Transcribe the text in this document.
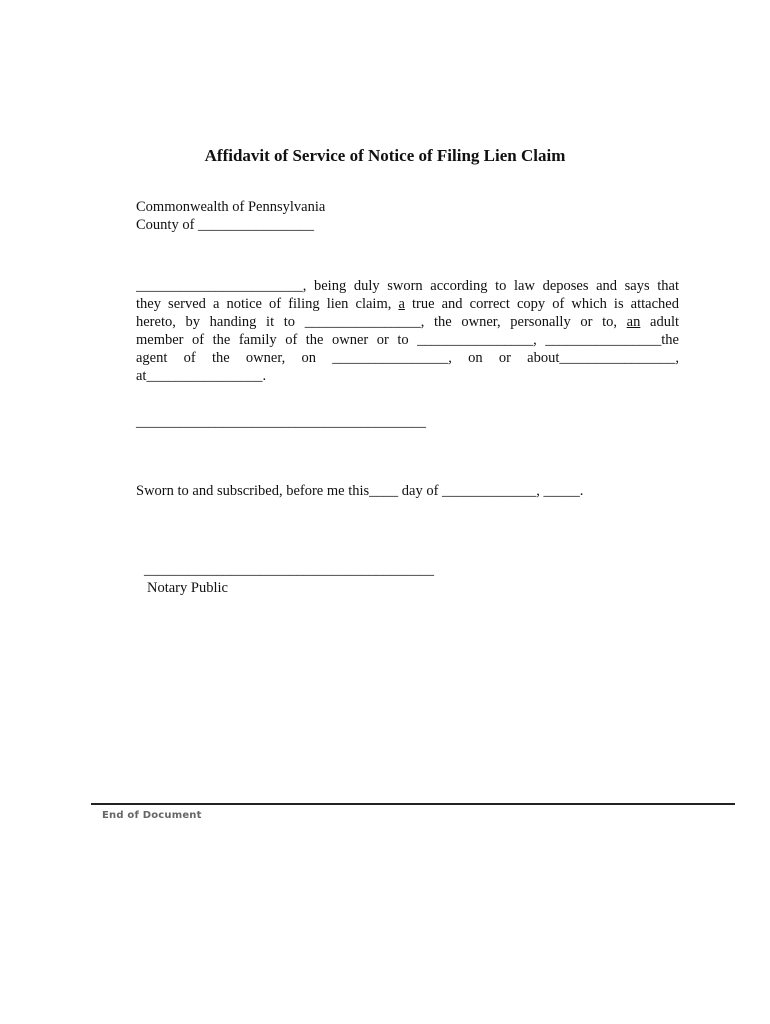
Affidavit of Service of Notice of Filing Lien Claim
Commonwealth of Pennsylvania
County of ________________
_______________________, being duly sworn according to law deposes and says that
they served a notice of filing lien claim, a true and correct copy of which is attached
hereto, by handing it to ________________, the owner, personally or to, an adult
member of the family of the owner or to ________________, ________________the
agent of the owner, on ________________, on or about________________,
at________________.
________________________________________
Sworn to and subscribed, before me this____ day of _____________, _____.
________________________________________
Notary Public
End of Document
